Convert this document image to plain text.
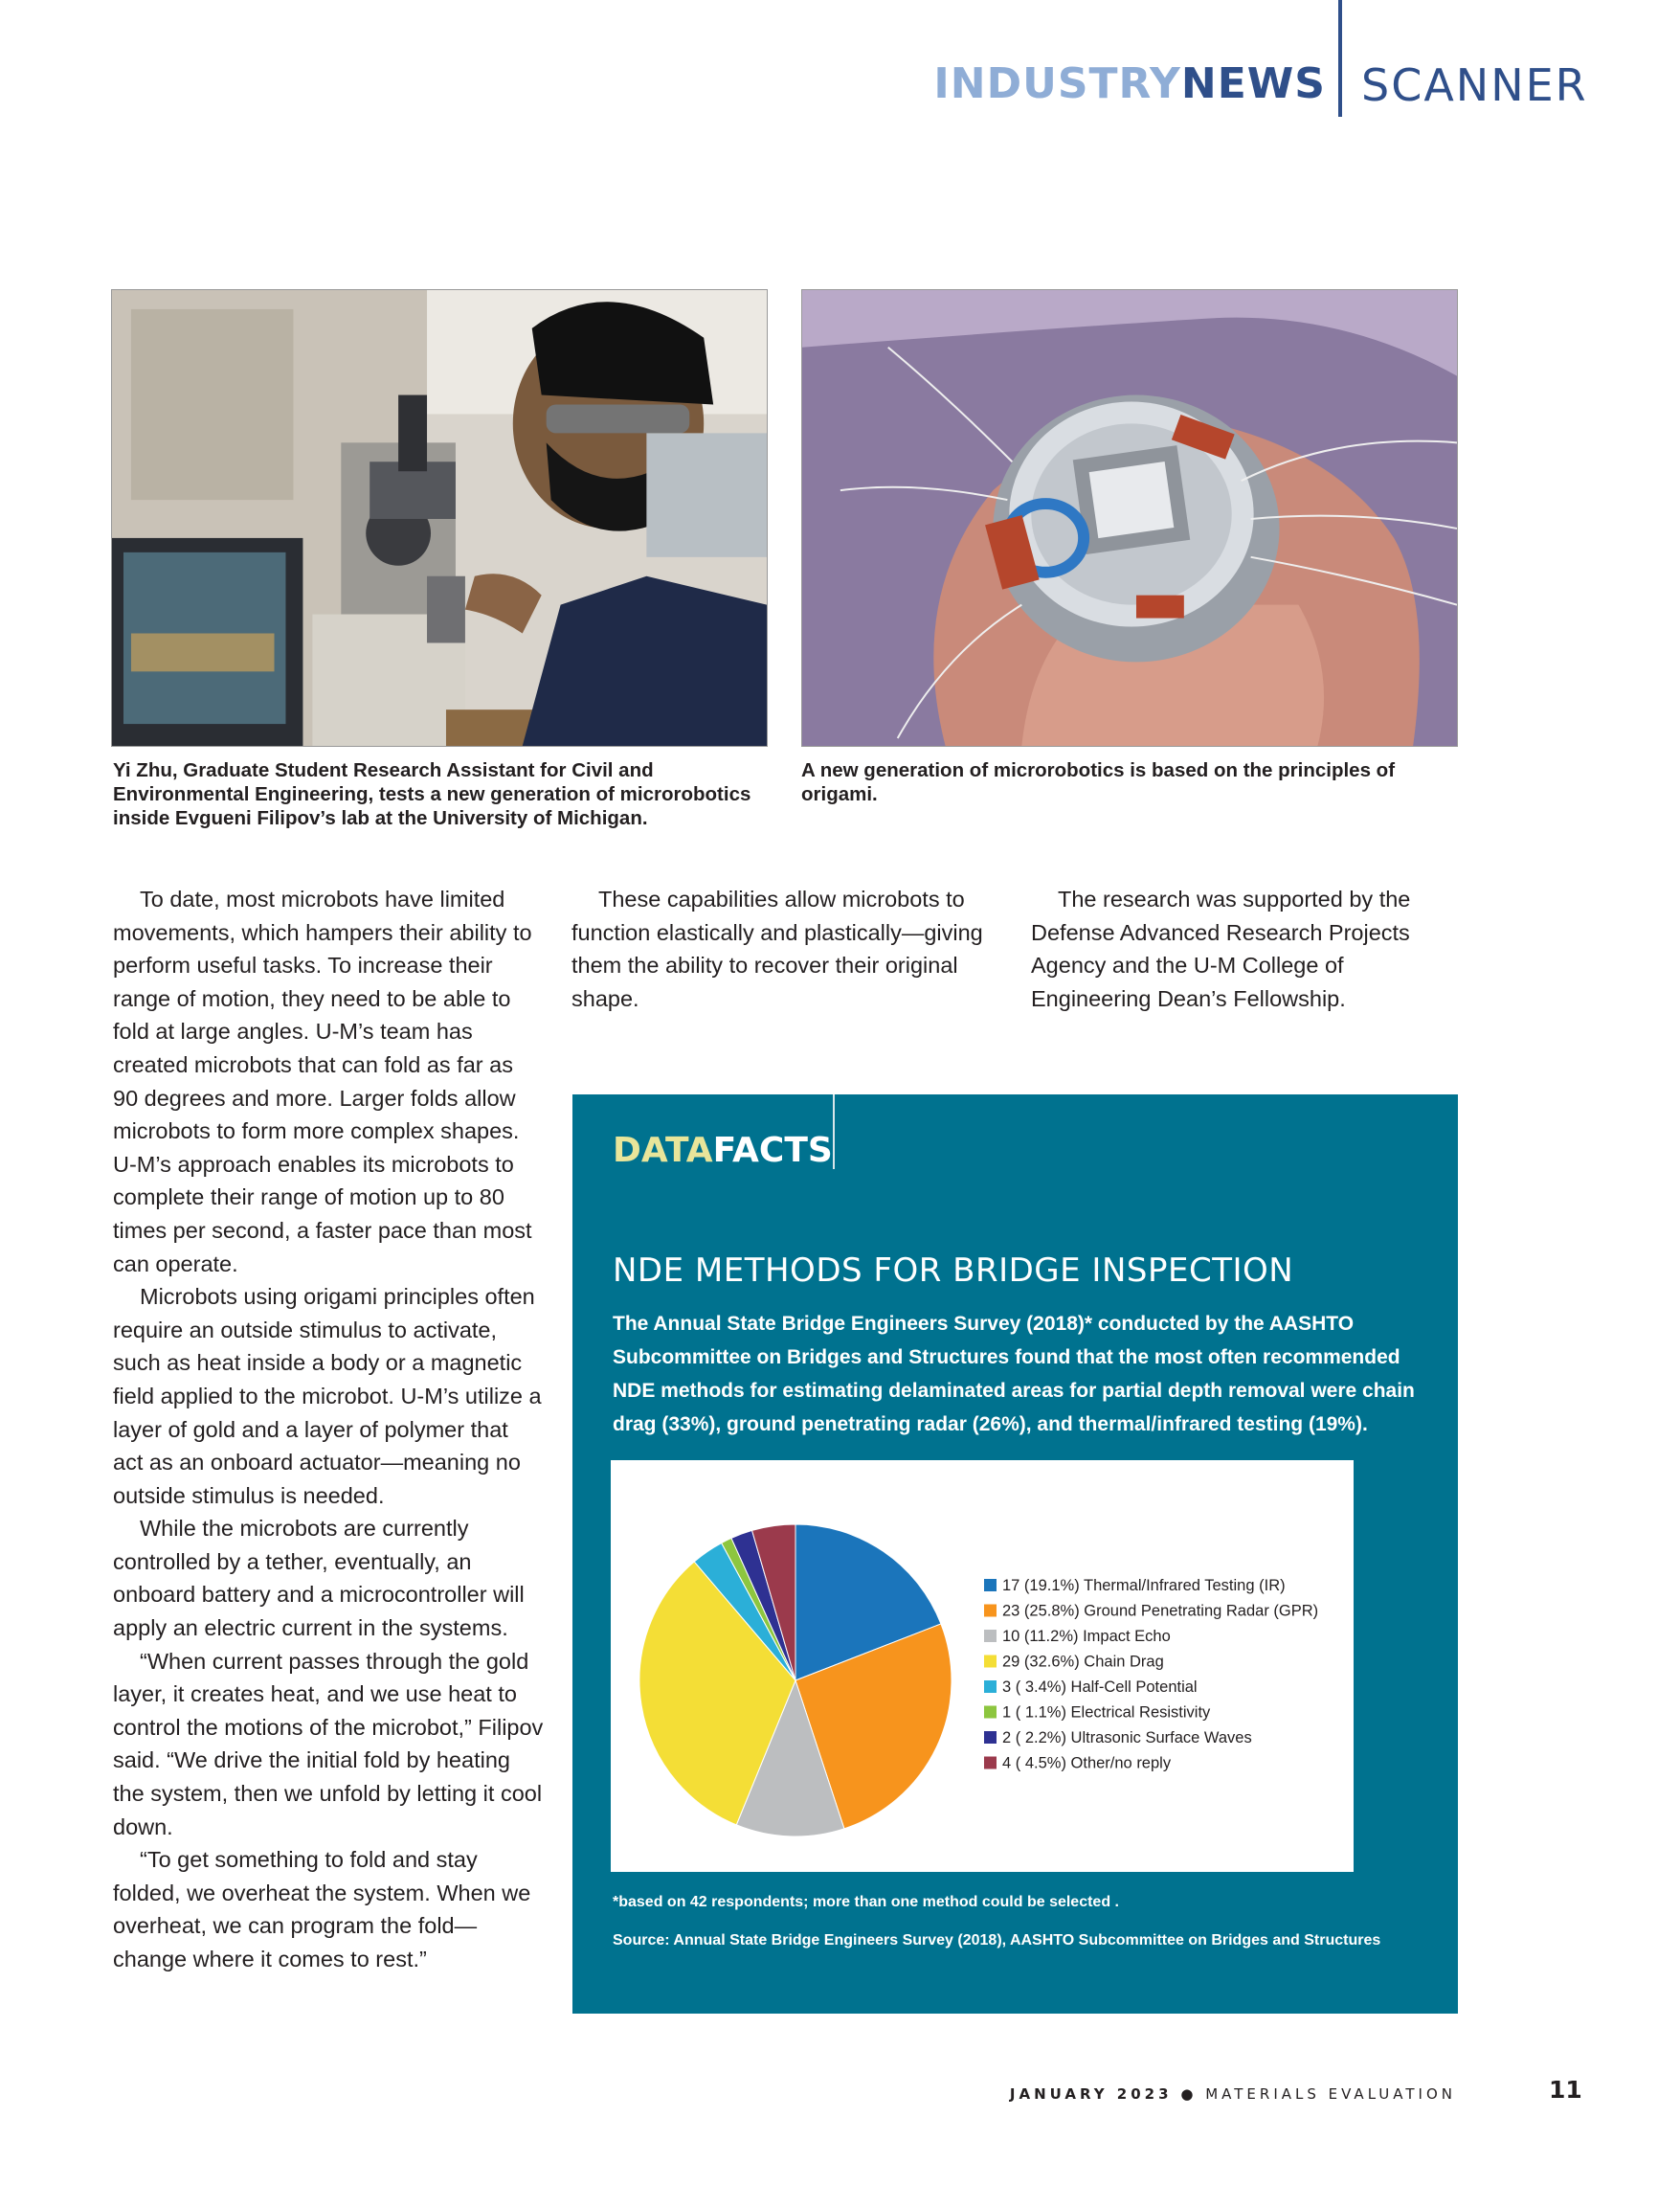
INDUSTRYNEWS SCANNER
Yi Zhu, Graduate Student Research Assistant for Civil and Environmental Engineering, tests a new generation of microrobotics inside Evgueni Filipov’s lab at the University of Michigan.
A new generation of microrobotics is based on the principles of origami.

To date, most microbots have limited movements, which hampers their ability to perform useful tasks. To increase their range of motion, they need to be able to fold at large angles. U-M’s team has created microbots that can fold as far as 90 degrees and more. Larger folds allow microbots to form more complex shapes. U-M’s approach enables its microbots to complete their range of motion up to 80 times per second, a faster pace than most can operate.

Microbots using origami principles often require an outside stimulus to activate, such as heat inside a body or a magnetic field applied to the microbot. U-M’s utilize a layer of gold and a layer of polymer that act as an onboard actuator—meaning no outside stimulus is needed.

While the microbots are currently controlled by a tether, eventually, an onboard battery and a microcontroller will apply an electric current in the systems.

“When current passes through the gold layer, it creates heat, and we use heat to control the motions of the microbot,” Filipov said. “We drive the initial fold by heating the system, then we unfold by letting it cool down.

“To get something to fold and stay folded, we overheat the system. When we overheat, we can program the fold—change where it comes to rest.”

These capabilities allow microbots to function elastically and plastically—giving them the ability to recover their original shape.

The research was supported by the Defense Advanced Research Projects Agency and the U-M College of Engineering Dean’s Fellowship.

DATAFACTS
NDE METHODS FOR BRIDGE INSPECTION
The Annual State Bridge Engineers Survey (2018)* conducted by the AASHTO Subcommittee on Bridges and Structures found that the most often recommended NDE methods for estimating delaminated areas for partial depth removal were chain drag (33%), ground penetrating radar (26%), and thermal/infrared testing (19%).
17 (19.1%) Thermal/Infrared Testing (IR)
23 (25.8%) Ground Penetrating Radar (GPR)
10 (11.2%) Impact Echo
29 (32.6%) Chain Drag
3 ( 3.4%) Half-Cell Potential
1 ( 1.1%) Electrical Resistivity
2 ( 2.2%) Ultrasonic Surface Waves
4 ( 4.5%) Other/no reply
*based on 42 respondents; more than one method could be selected .
Source: Annual State Bridge Engineers Survey (2018), AASHTO Subcommittee on Bridges and Structures
JANUARY 2023 ● MATERIALS EVALUATION	11
